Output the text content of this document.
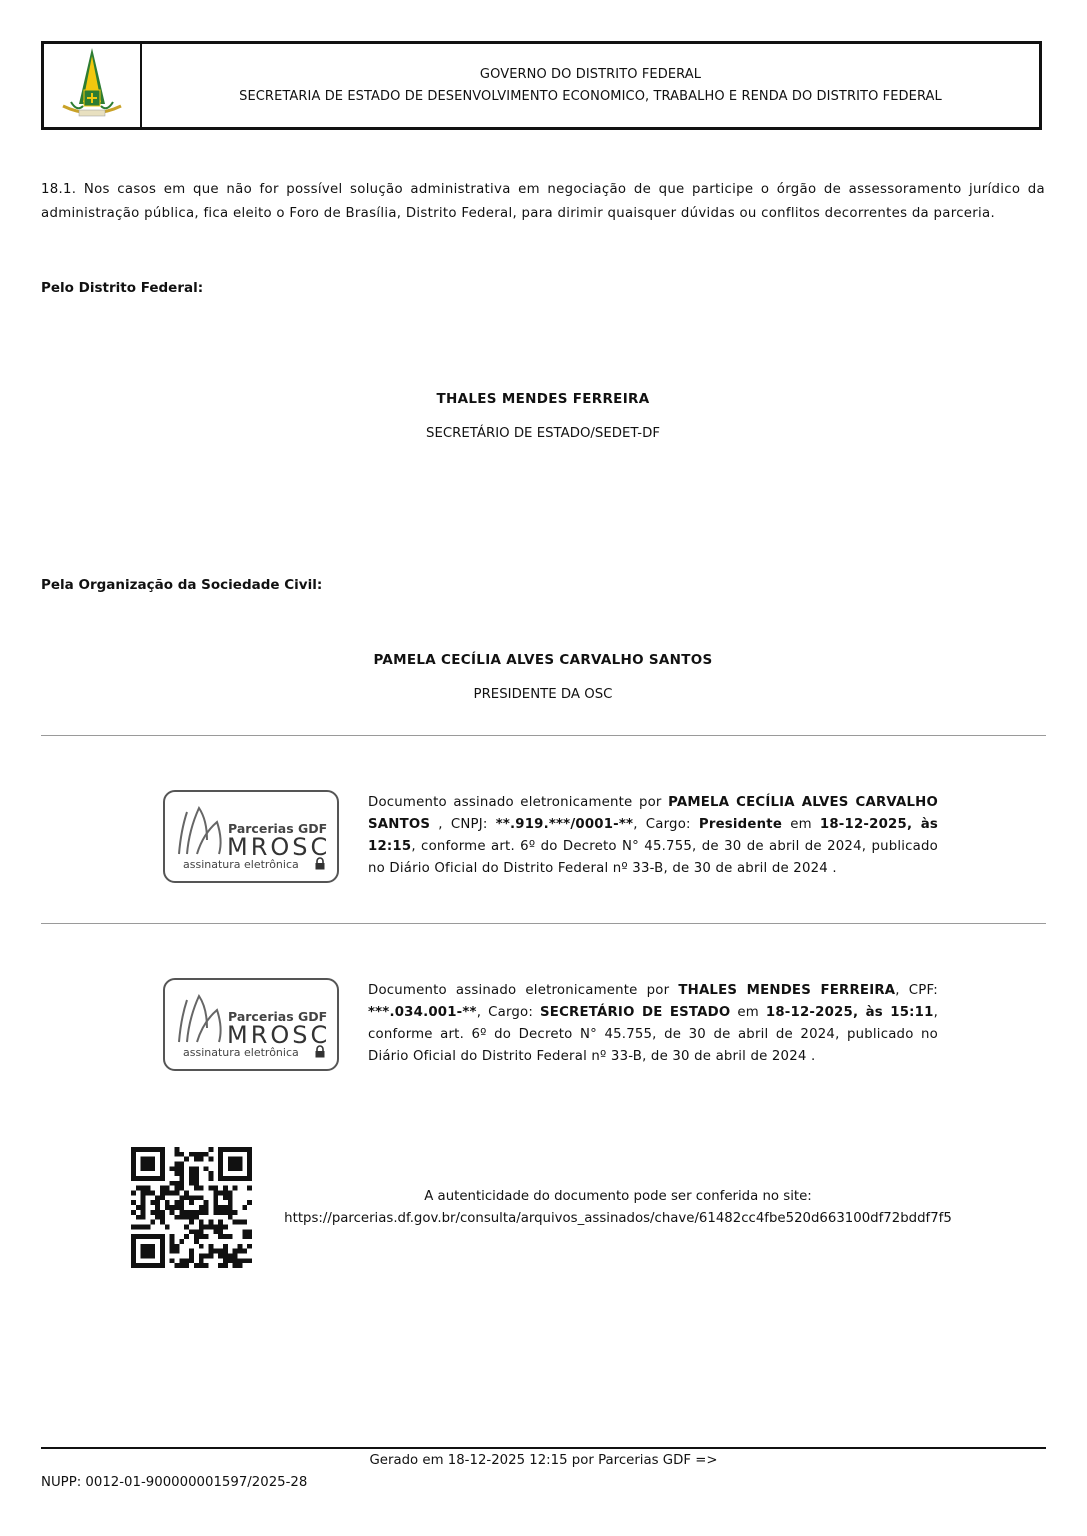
GOVERNO DO DISTRITO FEDERAL
SECRETARIA DE ESTADO DE DESENVOLVIMENTO ECONOMICO, TRABALHO E RENDA DO DISTRITO FEDERAL
18.1. Nos casos em que não for possível solução administrativa em negociação de que participe o órgão de assessoramento jurídico da administração pública, fica eleito o Foro de Brasília, Distrito Federal, para dirimir quaisquer dúvidas ou conflitos decorrentes da parceria.
Pelo Distrito Federal:
THALES MENDES FERREIRA
SECRETÁRIO DE ESTADO/SEDET-DF
Pela Organização da Sociedade Civil:
PAMELA CECÍLIA ALVES CARVALHO SANTOS
PRESIDENTE DA OSC
Parcerias GDF
MROSC
assinatura eletrônica
Documento assinado eletronicamente por PAMELA CECÍLIA ALVES CARVALHO SANTOS , CNPJ: **.919.***/0001-**, Cargo: Presidente em 18-12-2025, às 12:15, conforme art. 6º do Decreto N° 45.755, de 30 de abril de 2024, publicado no Diário Oficial do Distrito Federal nº 33-B, de 30 de abril de 2024 .
Parcerias GDF
MROSC
assinatura eletrônica
Documento assinado eletronicamente por THALES MENDES FERREIRA, CPF: ***.034.001-**, Cargo: SECRETÁRIO DE ESTADO em 18-12-2025, às 15:11, conforme art. 6º do Decreto N° 45.755, de 30 de abril de 2024, publicado no Diário Oficial do Distrito Federal nº 33-B, de 30 de abril de 2024 .
A autenticidade do documento pode ser conferida no site:
https://parcerias.df.gov.br/consulta/arquivos_assinados/chave/61482cc4fbe520d663100df72bddf7f5
Gerado em 18-12-2025 12:15 por Parcerias GDF =>
NUPP: 0012-01-900000001597/2025-28
